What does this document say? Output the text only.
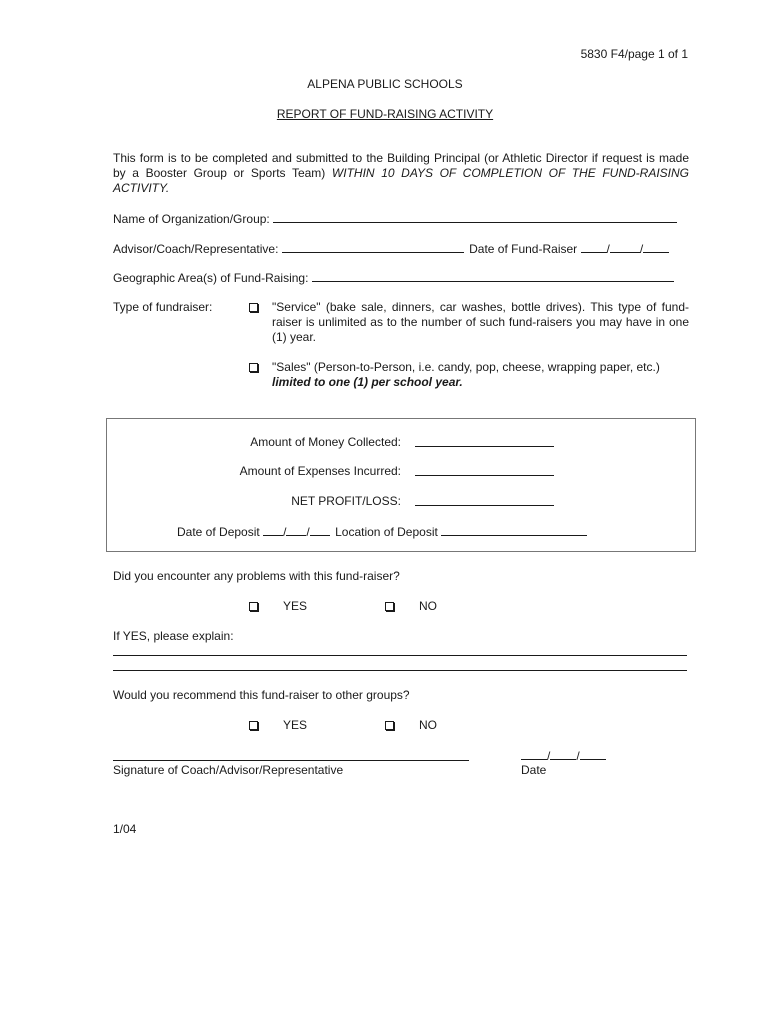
5830 F4/page 1 of 1
ALPENA PUBLIC SCHOOLS
REPORT OF FUND-RAISING ACTIVITY
This form is to be completed and submitted to the Building Principal (or Athletic Director if request is made by a Booster Group or Sports Team) WITHIN 10 DAYS OF COMPLETION OF THE FUND-RAISING ACTIVITY.
Name of Organization/Group:
Advisor/Coach/Representative:	Date of Fund-Raiser /	/
Geographic Area(s) of Fund-Raising:
Type of fundraiser:	"Service" (bake sale, dinners, car washes, bottle drives). This type of fund-raiser is unlimited as to the number of such fund-raisers you may have in one (1) year.
"Sales" (Person-to-Person, i.e. candy, pop, cheese, wrapping paper, etc.)
limited to one (1) per school year.
Amount of Money Collected:
Amount of Expenses Incurred:
NET PROFIT/LOSS:
Date of Deposit / / Location of Deposit
Did you encounter any problems with this fund-raiser?
YES	NO
If YES, please explain:
Would you recommend this fund-raiser to other groups?
YES	NO
/ /
Signature of Coach/Advisor/Representative	Date
1/04
